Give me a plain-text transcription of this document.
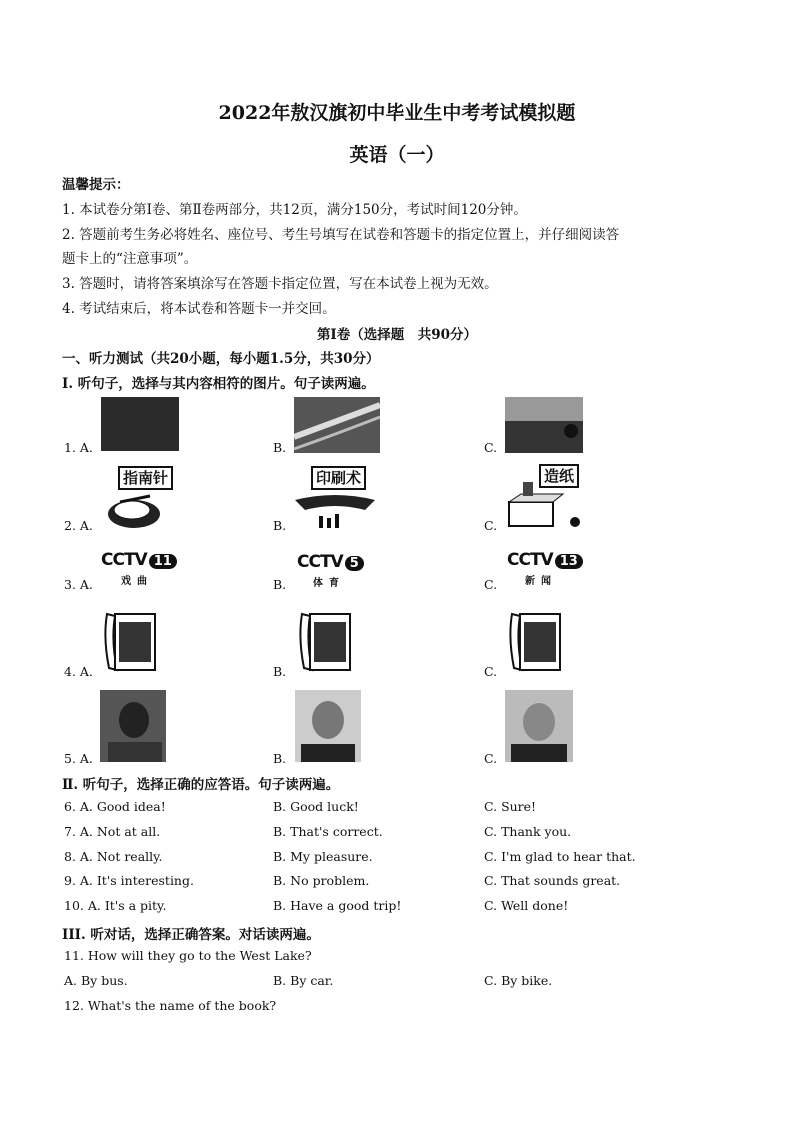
2022年敖汉旗初中毕业生中考考试模拟题
英语（一）
温馨提示：
1. 本试卷分第Ⅰ卷、第Ⅱ卷两部分，共12页，满分150分，考试时间120分钟。
2. 答题前考生务必将姓名、座位号、考生号填写在试卷和答题卡的指定位置上，并仔细阅读答
题卡上的“注意事项”。
3. 答题时，请将答案填涂写在答题卡指定位置，写在本试卷上视为无效。
4. 考试结束后，将本试卷和答题卡一并交回。
第Ⅰ卷（选择题　共90分）
一、听力测试（共20小题，每小题1.5分，共30分）
Ⅰ. 听句子，选择与其内容相符的图片。句子读两遍。
1. A.	B.	C.
指南针	印刷术	造纸
2. A.	B.	C.
CCTV 11
戏曲
CCTV 5
体育
CCTV 13
新闻
3. A.	B.	C.
4. A.	B.	C.
5. A.	B.	C.
Ⅱ. 听句子，选择正确的应答语。句子读两遍。
6. A. Good idea!	B. Good luck!	C. Sure!
7. A. Not at all.	B. That's correct.	C. Thank you.
8. A. Not really.	B. My pleasure.	C. I'm glad to hear that.
9. A. It's interesting.	B. No problem.	C. That sounds great.
10. A. It's a pity.	B. Have a good trip!	C. Well done!
III. 听对话，选择正确答案。对话读两遍。
11. How will they go to the West Lake?
A. By bus.	B. By car.	C. By bike.
12. What's the name of the book?
